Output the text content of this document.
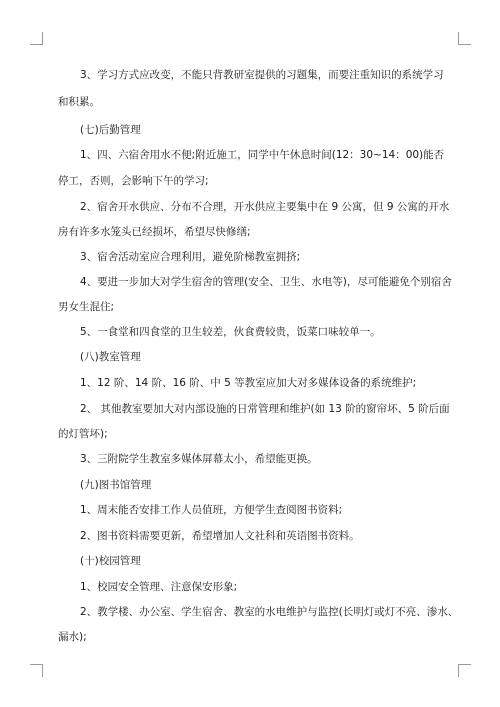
3、学习方式应改变，不能只背教研室提供的习题集，而要注重知识的系统学习
和积累。
(七)后勤管理
1、四、六宿舍用水不便;附近施工，同学中午休息时间(12：30~14：00)能否
停工，否则，会影响下午的学习;
2、宿舍开水供应、分布不合理，开水供应主要集中在 9 公寓，但 9 公寓的开水
房有许多水笼头已经损坏，希望尽快修缮;
3、宿舍活动室应合理利用，避免阶梯教室拥挤;
4、要进一步加大对学生宿舍的管理(安全、卫生、水电等)，尽可能避免个别宿舍
男女生混住;
5、一食堂和四食堂的卫生较差，伙食费较贵，饭菜口味较单一。
(八)教室管理
1、12 阶、14 阶、16 阶、中 5 等教室应加大对多媒体设备的系统维护;
2、 其他教室要加大对内部设施的日常管理和维护(如 13 阶的窗帘坏、5 阶后面
的灯管坏);
3、三附院学生教室多媒体屏幕太小，希望能更换。
(九)图书馆管理
1、周末能否安排工作人员值班，方便学生查阅图书资料;
2、图书资料需要更新，希望增加人文社科和英语图书资料。
(十)校园管理
1、校园安全管理、注意保安形象;
2、教学楼、办公室、学生宿舍、教室的水电维护与监控(长明灯或灯不亮、渗水、
漏水);
